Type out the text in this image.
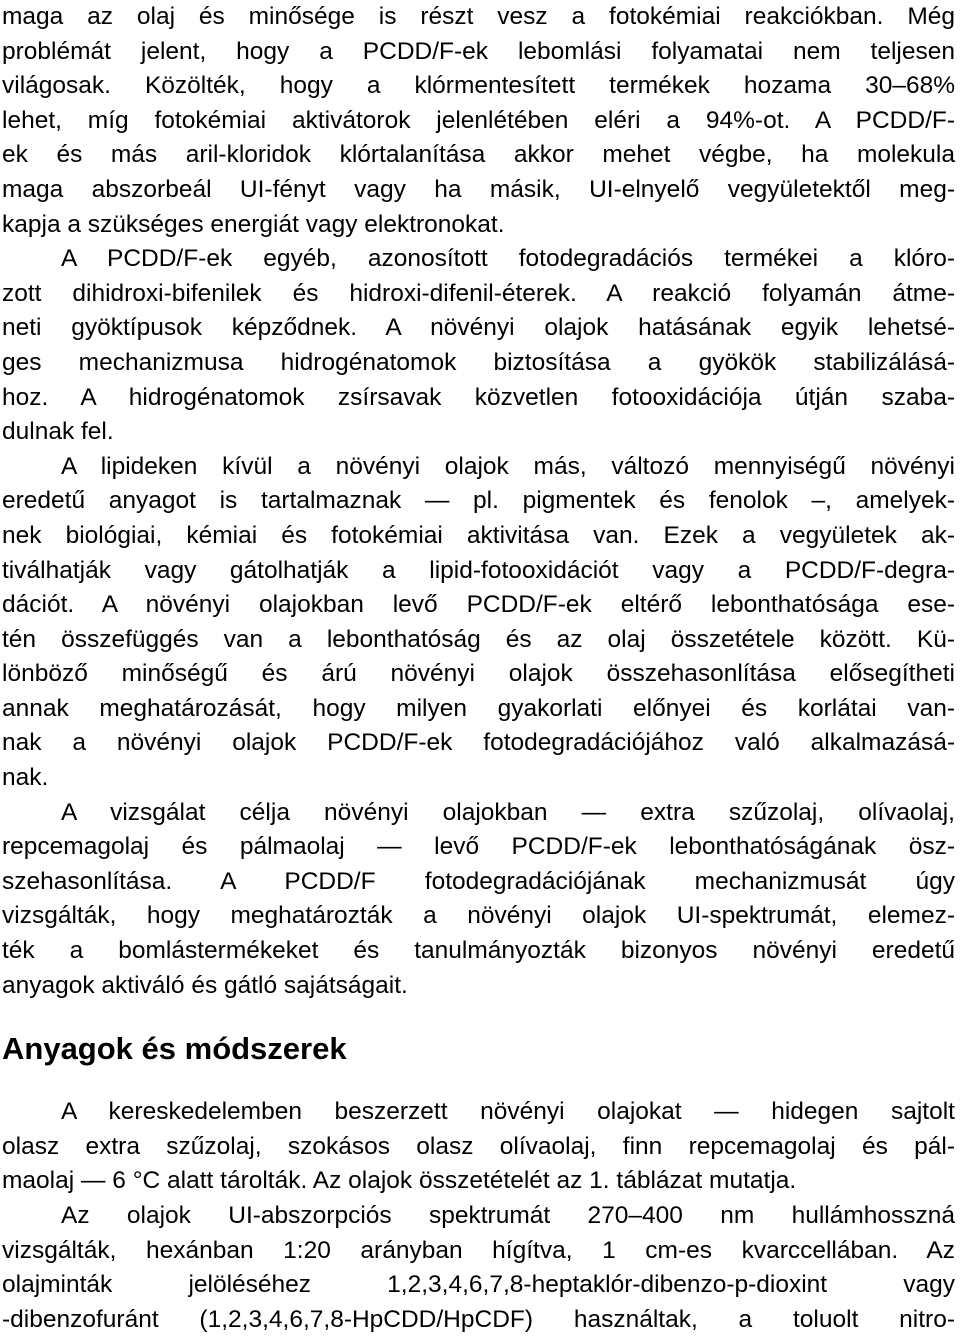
maga az olaj és minősége is részt vesz a fotokémiai reakciókban. Még
problémát jelent, hogy a PCDD/F-ek lebomlási folyamatai nem teljesen
világosak. Közölték, hogy a klórmentesített termékek hozama 30–68%
lehet, míg fotokémiai aktivátorok jelenlétében eléri a 94%-ot. A PCDD/F-
ek és más aril-kloridok klórtalanítása akkor mehet végbe, ha molekula
maga abszorbeál UI-fényt vagy ha másik, UI-elnyelő vegyületektől meg-
kapja a szükséges energiát vagy elektronokat.
A PCDD/F-ek egyéb, azonosított fotodegradációs termékei a klóro-
zott dihidroxi-bifenilek és hidroxi-difenil-éterek. A reakció folyamán átme-
neti gyöktípusok képződnek. A növényi olajok hatásának egyik lehetsé-
ges mechanizmusa hidrogénatomok biztosítása a gyökök stabilizálásá-
hoz. A hidrogénatomok zsírsavak közvetlen fotooxidációja útján szaba-
dulnak fel.
A lipideken kívül a növényi olajok más, változó mennyiségű növényi
eredetű anyagot is tartalmaznak — pl. pigmentek és fenolok –, amelyek-
nek biológiai, kémiai és fotokémiai aktivitása van. Ezek a vegyületek ak-
tiválhatják vagy gátolhatják a lipid-fotooxidációt vagy a PCDD/F-degra-
dációt. A növényi olajokban levő PCDD/F-ek eltérő lebonthatósága ese-
tén összefüggés van a lebonthatóság és az olaj összetétele között. Kü-
lönböző minőségű és árú növényi olajok összehasonlítása elősegítheti
annak meghatározását, hogy milyen gyakorlati előnyei és korlátai van-
nak a növényi olajok PCDD/F-ek fotodegradációjához való alkalmazásá-
nak.
A vizsgálat célja növényi olajokban — extra szűzolaj, olívaolaj,
repcemagolaj és pálmaolaj — levő PCDD/F-ek lebonthatóságának ösz-
szehasonlítása. A PCDD/F fotodegradációjának mechanizmusát úgy
vizsgálták, hogy meghatározták a növényi olajok UI-spektrumát, elemez-
ték a bomlástermékeket és tanulmányozták bizonyos növényi eredetű
anyagok aktiváló és gátló sajátságait.
Anyagok és módszerek
A kereskedelemben beszerzett növényi olajokat — hidegen sajtolt
olasz extra szűzolaj, szokásos olasz olívaolaj, finn repcemagolaj és pál-
maolaj — 6 °C alatt tárolták. Az olajok összetételét az 1. táblázat mutatja.
Az olajok UI-abszorpciós spektrumát 270–400 nm hullámhosszná
vizsgálták, hexánban 1:20 arányban hígítva, 1 cm-es kvarccellában. Az
olajminták jelöléséhez 1,2,3,4,6,7,8-heptaklór-dibenzo-p-dioxint vagy
-dibenzofuránt (1,2,3,4,6,7,8-HpCDD/HpCDF) használtak, a toluolt nitro-
